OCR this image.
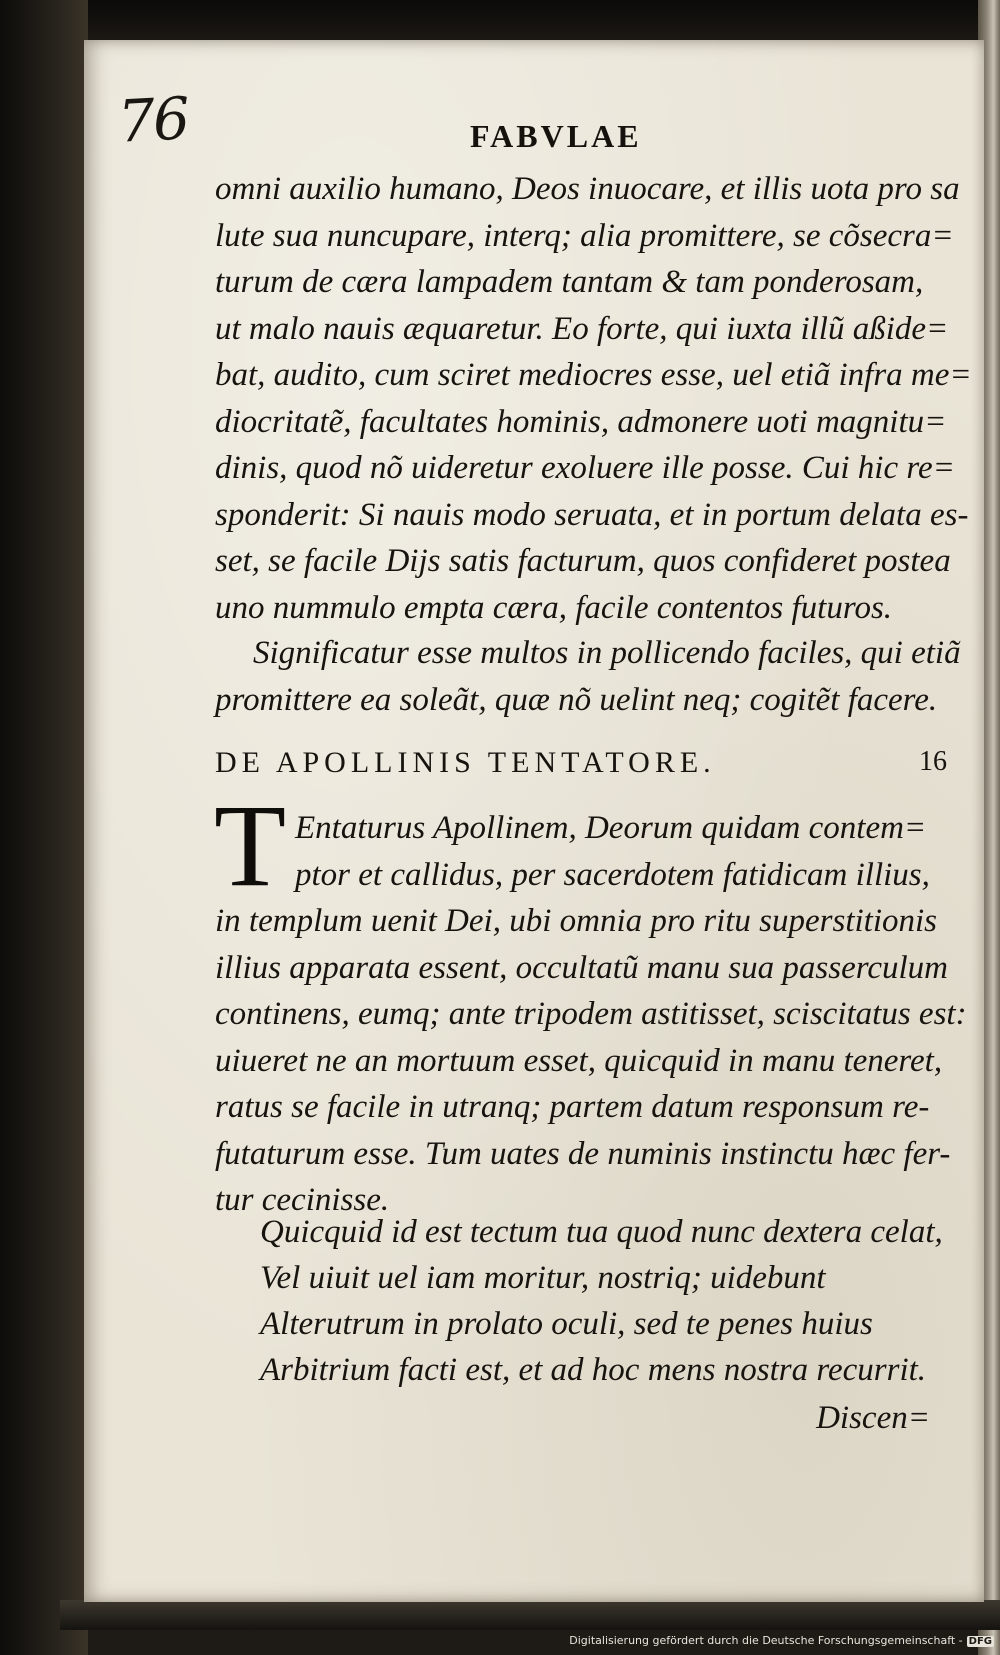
76	FABVLAE
omni auxilio humano, Deos inuocare, et illis uota pro sa
lute sua nuncupare, interq; alia promittere, se cõsecra=
turum de cæra lampadem tantam & tam ponderosam,
ut malo nauis æquaretur. Eo forte, qui iuxta illũ aßide=
bat, audito, cum sciret mediocres esse, uel etiã infra me=
diocritatẽ, facultates hominis, admonere uoti magnitu=
dinis, quod nõ uideretur exoluere ille posse. Cui hic re=
sponderit: Si nauis modo seruata, et in portum delata es-
set, se facile Dijs satis facturum, quos confideret postea
uno nummulo empta cæra, facile contentos futuros.
Significatur esse multos in pollicendo faciles, qui etiã
promittere ea soleãt, quæ nõ uelint neq; cogitẽt facere.
DE APOLLINIS TENTATORE.	16
T Entaturus Apollinem, Deorum quidam contem=
ptor et callidus, per sacerdotem fatidicam illius,
in templum uenit Dei, ubi omnia pro ritu superstitionis
illius apparata essent, occultatũ manu sua passerculum
continens, eumq; ante tripodem astitisset, sciscitatus est:
uiueret ne an mortuum esset, quicquid in manu teneret,
ratus se facile in utranq; partem datum responsum re-
futaturum esse. Tum uates de numinis instinctu hæc fer-
tur cecinisse.
Quicquid id est tectum tua quod nunc dextera celat,
Vel uiuit uel iam moritur, nostriq; uidebunt
Alterutrum in prolato oculi, sed te penes huius
Arbitrium facti est, et ad hoc mens nostra recurrit.
Discen=
Digitalisierung gefördert durch die Deutsche Forschungsgemeinschaft - DFG
